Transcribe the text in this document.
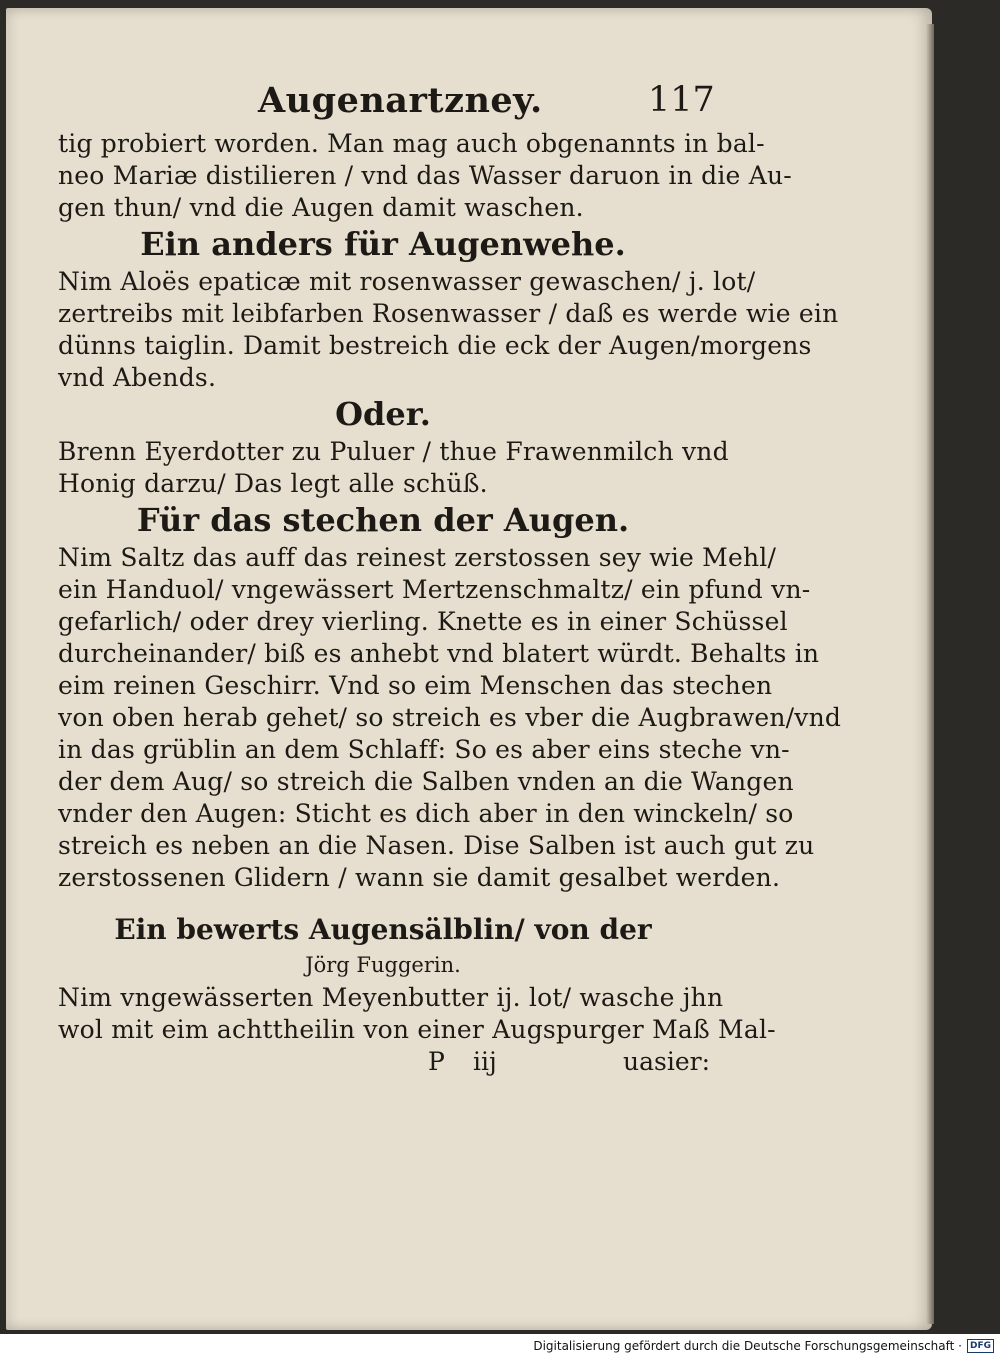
Augenartzney.	117
tig probiert worden. Man mag auch obgenannts in bal-
neo Mariæ distilieren / vnd das Wasser daruon in die Au-
gen thun/ vnd die Augen damit waschen.
Ein anders für Augenwehe.
Nim Aloës epaticæ mit rosenwasser gewaschen/ j. lot/
zertreibs mit leibfarben Rosenwasser / daß es werde wie ein
dünns taiglin. Damit bestreich die eck der Augen/morgens
vnd Abends.
Oder.
Brenn Eyerdotter zu Puluer / thue Frawenmilch vnd
Honig darzu/ Das legt alle schüß.
Für das stechen der Augen.
Nim Saltz das auff das reinest zerstossen sey wie Mehl/
ein Handuol/ vngewässert Mertzenschmaltz/ ein pfund vn-
gefarlich/ oder drey vierling. Knette es in einer Schüssel
durcheinander/ biß es anhebt vnd blatert würdt. Behalts in
eim reinen Geschirr. Vnd so eim Menschen das stechen
von oben herab gehet/ so streich es vber die Augbrawen/vnd
in das grüblin an dem Schlaff: So es aber eins steche vn-
der dem Aug/ so streich die Salben vnden an die Wangen
vnder den Augen: Sticht es dich aber in den winckeln/ so
streich es neben an die Nasen. Dise Salben ist auch gut zu
zerstossenen Glidern / wann sie damit gesalbet werden.
Ein bewerts Augensälblin/ von der
Jörg Fuggerin.
Nim vngewässerten Meyenbutter ij. lot/ wasche jhn
wol mit eim achttheilin von einer Augspurger Maß Mal-
P iij	uasier:
Digitalisierung gefördert durch die Deutsche Forschungsgemeinschaft · DFG
